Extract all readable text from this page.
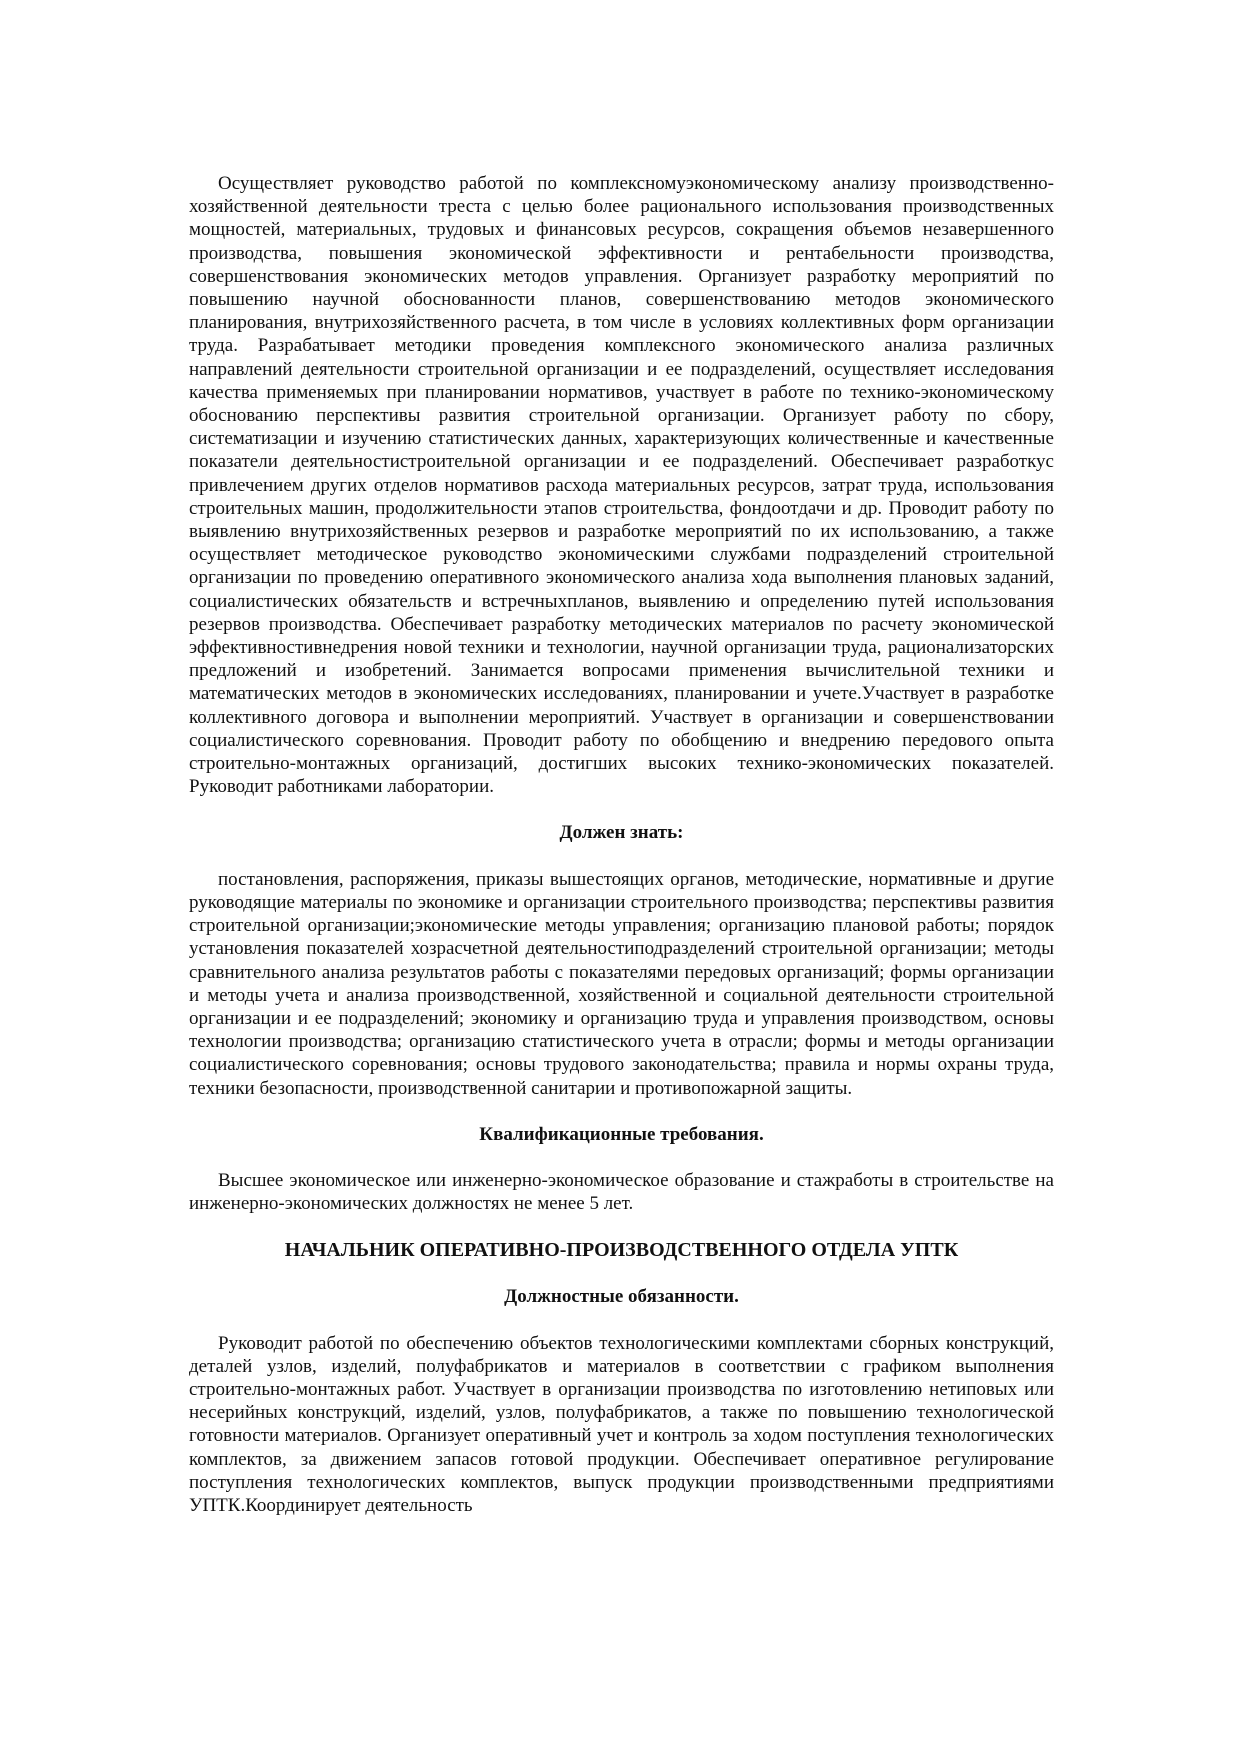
Осуществляет руководство работой по комплексномуэкономическому анализу производственно-хозяйственной деятельности треста с целью более рационального использования производственных мощностей, материальных, трудовых и финансовых ресурсов, сокращения объемов незавершенного производства, повышения экономической эффективности и рентабельности производства, совершенствования экономических методов управления. Организует разработку мероприятий по повышению научной обоснованности планов, совершенствованию методов экономического планирования, внутрихозяйственного расчета, в том числе в условиях коллективных форм организации труда. Разрабатывает методики проведения комплексного экономического анализа различных направлений деятельности строительной организации и ее подразделений, осуществляет исследования качества применяемых при планировании нормативов, участвует в работе по технико-экономическому обоснованию перспективы развития строительной организации. Организует работу по сбору, систематизации и изучению статистических данных, характеризующих количественные и качественные показатели деятельностистроительной организации и ее подразделений. Обеспечивает разработкус привлечением других отделов нормативов расхода материальных ресурсов, затрат труда, использования строительных машин, продолжительности этапов строительства, фондоотдачи и др. Проводит работу по выявлению внутрихозяйственных резервов и разработке мероприятий по их использованию, а также осуществляет методическое руководство экономическими службами подразделений строительной организации по проведению оперативного экономического анализа хода выполнения плановых заданий, социалистических обязательств и встречныхпланов, выявлению и определению путей использования резервов производства. Обеспечивает разработку методических материалов по расчету экономической эффективностивнедрения новой техники и технологии, научной организации труда, рационализаторских предложений и изобретений. Занимается вопросами применения вычислительной техники и математических методов в экономических исследованиях, планировании и учете.Участвует в разработке коллективного договора и выполнении мероприятий. Участвует в организации и совершенствовании социалистического соревнования. Проводит работу по обобщению и внедрению передового опыта строительно-монтажных организаций, достигших высоких технико-экономических показателей. Руководит работниками лаборатории.

Должен знать:

постановления, распоряжения, приказы вышестоящих органов, методические, нормативные и другие руководящие материалы по экономике и организации строительного производства; перспективы развития строительной организации;экономические методы управления; организацию плановой работы; порядок установления показателей хозрасчетной деятельностиподразделений строительной организации; методы сравнительного анализа результатов работы с показателями передовых организаций; формы организации и методы учета и анализа производственной, хозяйственной и социальной деятельности строительной организации и ее подразделений; экономику и организацию труда и управления производством, основы технологии производства; организацию статистического учета в отрасли; формы и методы организации социалистического соревнования; основы трудового законодательства; правила и нормы охраны труда, техники безопасности, производственной санитарии и противопожарной защиты.

Квалификационные требования.

Высшее экономическое или инженерно-экономическое образование и стажработы в строительстве на инженерно-экономических должностях не менее 5 лет.

НАЧАЛЬНИК ОПЕРАТИВНО-ПРОИЗВОДСТВЕННОГО ОТДЕЛА УПТК

Должностные обязанности.

Руководит работой по обеспечению объектов технологическими комплектами сборных конструкций, деталей узлов, изделий, полуфабрикатов и материалов в соответствии с графиком выполнения строительно-монтажных работ. Участвует в организации производства по изготовлению нетиповых или несерийных конструкций, изделий, узлов, полуфабрикатов, а также по повышению технологической готовности материалов. Организует оперативный учет и контроль за ходом поступления технологических комплектов, за движением запасов готовой продукции. Обеспечивает оперативное регулирование поступления технологических комплектов, выпуск продукции производственными предприятиями УПТК.Координирует деятельность
